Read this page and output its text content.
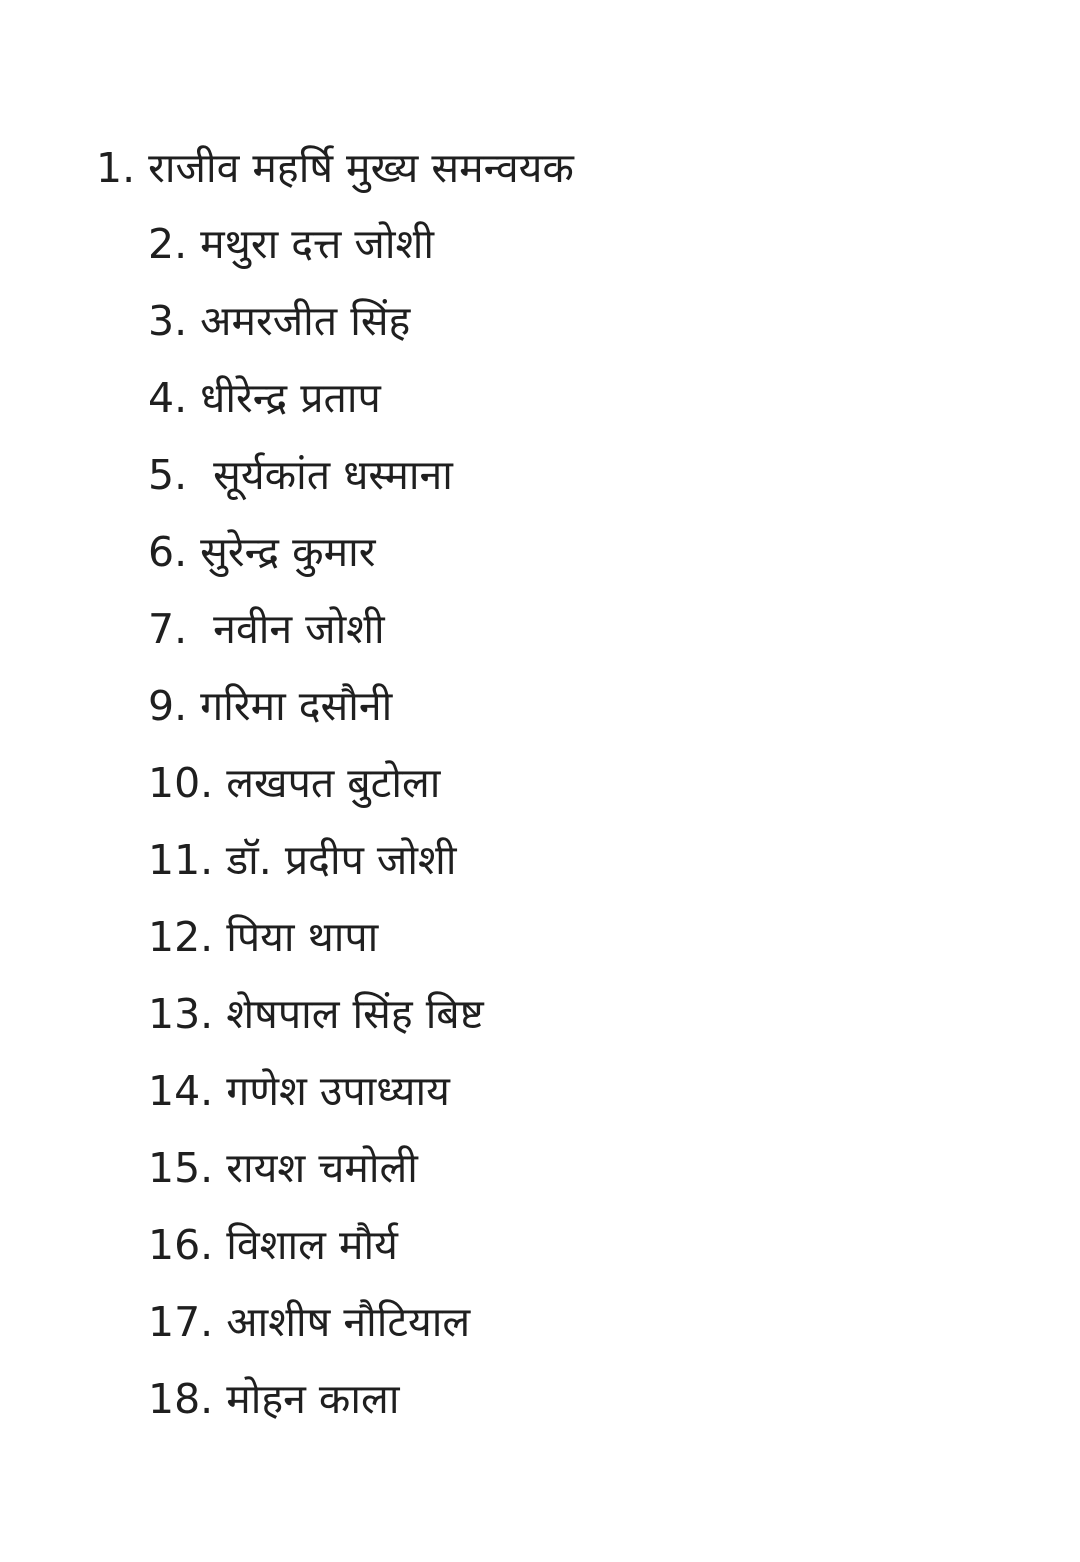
1. राजीव महर्षि मुख्य समन्वयक
2. मथुरा दत्त जोशी
3. अमरजीत सिंह
4. धीरेन्द्र प्रताप
5.  सूर्यकांत धस्माना
6. सुरेन्द्र कुमार
7.  नवीन जोशी
9. गरिमा दसौनी
10. लखपत बुटोला
11. डॉ. प्रदीप जोशी
12. पिया थापा
13. शेषपाल सिंह बिष्ट
14. गणेश उपाध्याय
15. रायश चमोली
16. विशाल मौर्य
17. आशीष नौटियाल
18. मोहन काला
